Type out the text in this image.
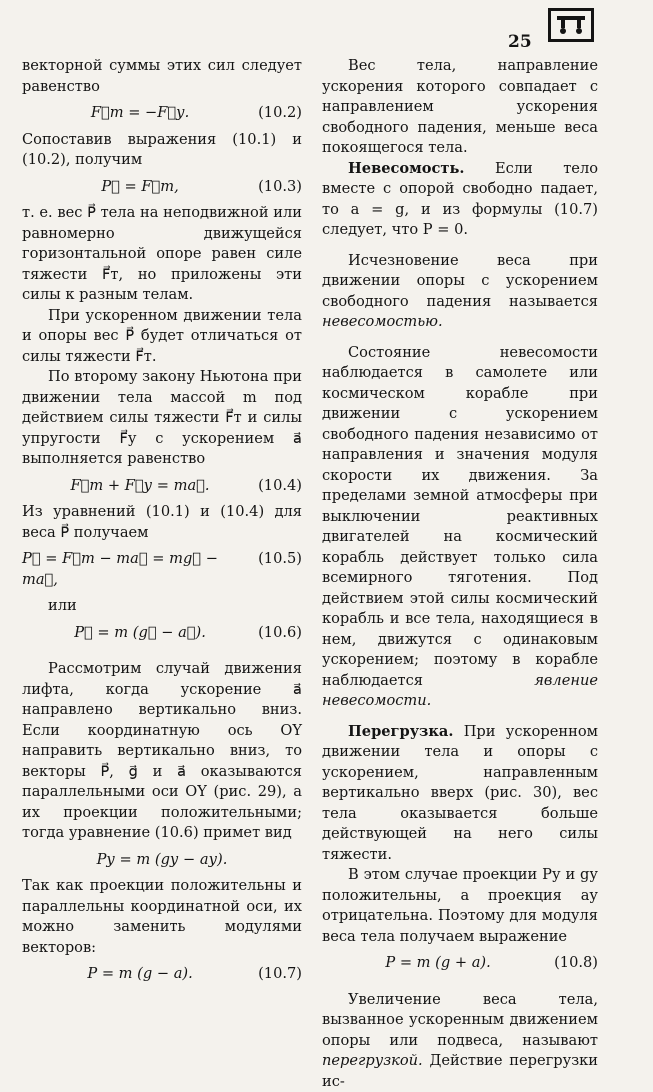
25

векторной суммы этих сил следует равенство

F⃗т = −F⃗у.	(10.2)

Сопоставив выражения (10.1) и (10.2), получим

P⃗ = F⃗т,	(10.3)

т. е. вес P⃗ тела на неподвижной или равномерно движущейся горизонтальной опоре равен силе тяжести F⃗т, но приложены эти силы к разным телам.

При ускоренном движении тела и опоры вес P⃗ будет отличаться от силы тяжести F⃗т.

По второму закону Ньютона при движении тела массой m под действием силы тяжести F⃗т и силы упругости F⃗у с ускорением a⃗ выполняется равенство

F⃗т + F⃗у = ma⃗.	(10.4)

Из уравнений (10.1) и (10.4) для веса P⃗ получаем

P⃗ = F⃗т − ma⃗ = mg⃗ − ma⃗,
(10.5)

или

P⃗ = m (g⃗ − a⃗).	(10.6)

Рассмотрим случай движения лифта, когда ускорение a⃗ направлено вертикально вниз. Если координатную ось OY направить вертикально вниз, то векторы P⃗, g⃗ и a⃗ оказываются параллельными оси OY (рис. 29), а их проекции положительными; тогда уравнение (10.6) примет вид

Pу = m (gу − aу).

Так как проекции положительны и параллельны координатной оси, их можно заменить модулями векторов:

P = m (g − a).	(10.7)

Вес тела, направление ускорения которого совпадает с направлением ускорения свободного падения, меньше веса покоящегося тела.

Невесомость. Если тело вместе с опорой свободно падает, то a = g, и из формулы (10.7) следует, что P = 0.

Исчезновение веса при движении опоры с ускорением свободного падения называется невесомостью.

Состояние невесомости наблюдается в самолете или космическом корабле при движении с ускорением свободного падения независимо от направления и значения модуля скорости их движения. За пределами земной атмосферы при выключении реактивных двигателей на космический корабль действует только сила всемирного тяготения. Под действием этой силы космический корабль и все тела, находящиеся в нем, движутся с одинаковым ускорением; поэтому в корабле наблюдается	явление невесомости.

Перегрузка. При ускоренном движении тела и опоры с ускорением, направленным вертикально вверх (рис. 30), вес тела оказывается больше действующей на него силы тяжести.

В этом случае проекции Pу и gу положительны, а проекция aу отрицательна. Поэтому для модуля веса тела получаем выражение

P = m (g + a).	(10.8)

Увеличение веса тела, вызванное ускоренным движением опоры или подвеса, называют перегрузкой. Действие перегрузки ис-
